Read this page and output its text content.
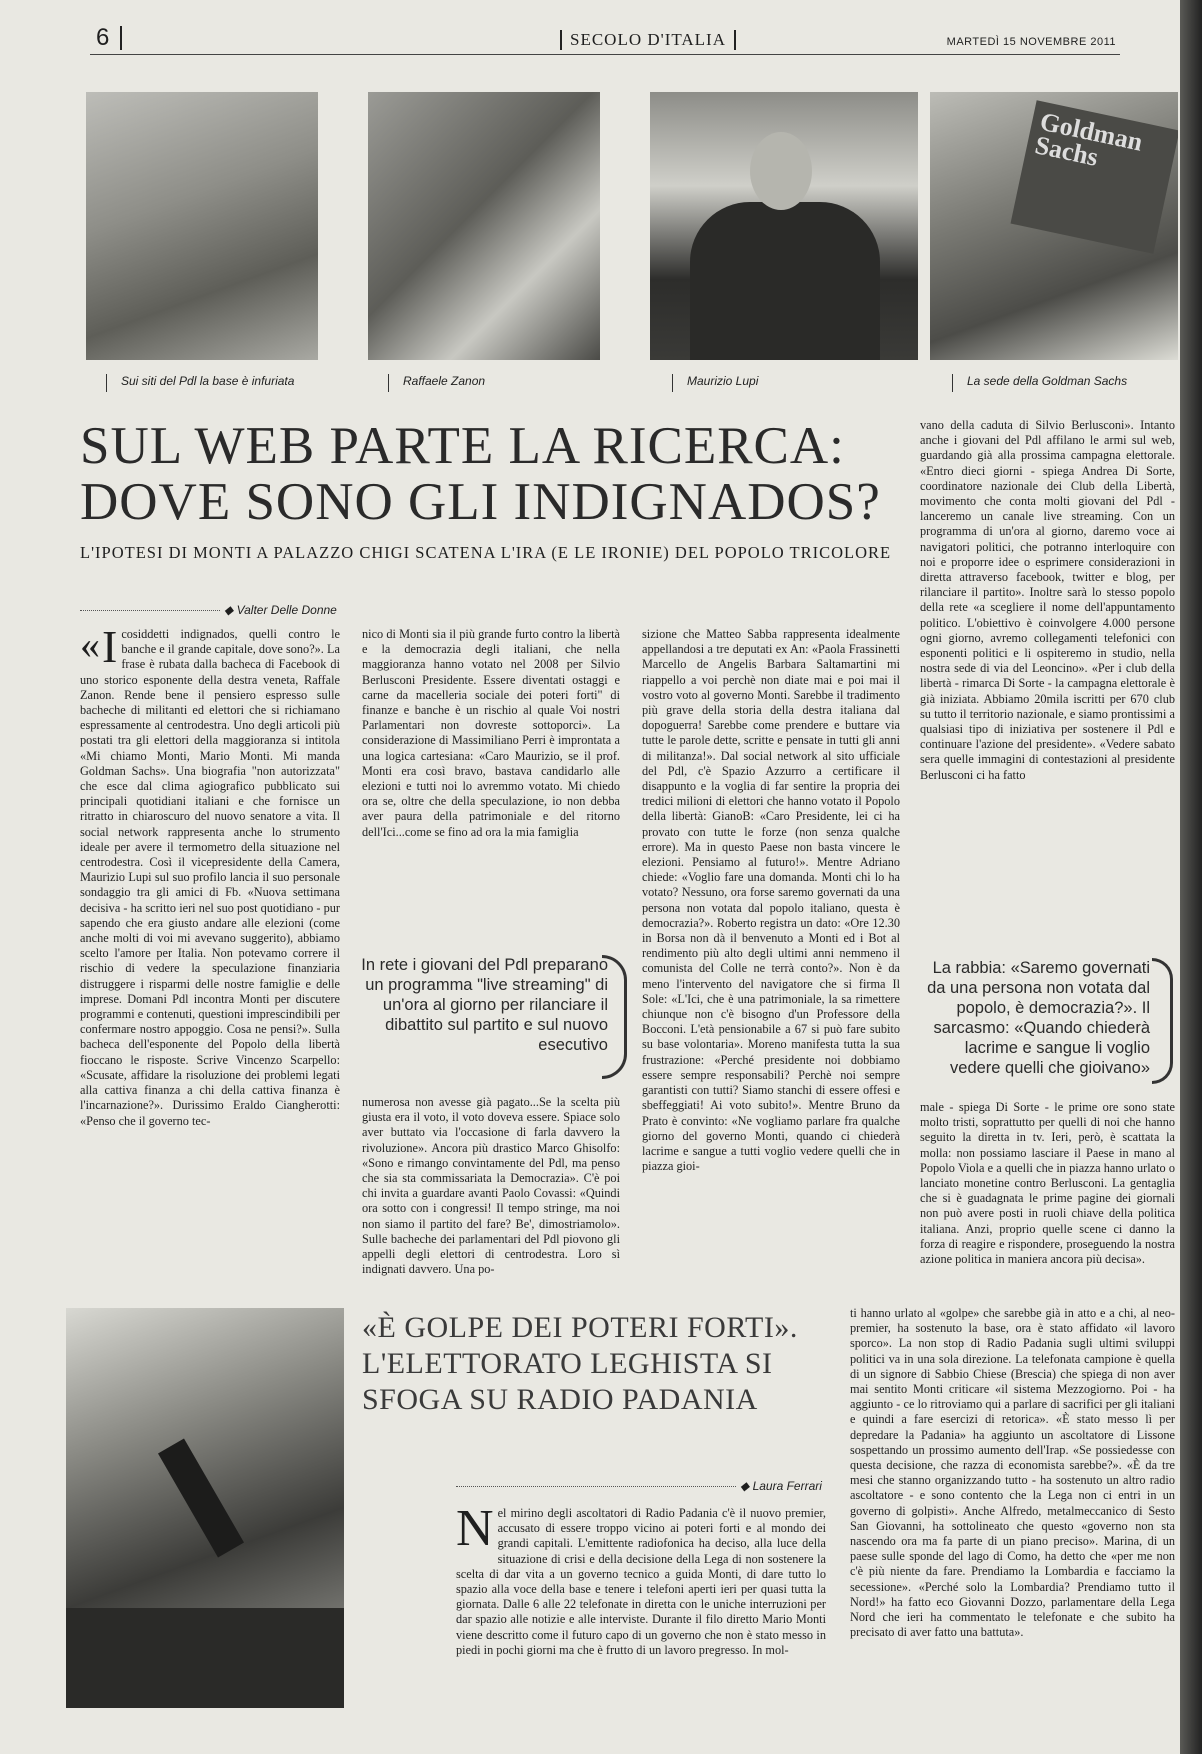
6	SECOLO D'ITALIA	MARTEDÌ 15 NOVEMBRE 2011
Goldman Sachs
Sui siti del Pdl la base è infuriata	Raffaele Zanon	Maurizio Lupi	La sede della Goldman Sachs
SUL WEB PARTE LA RICERCA:
DOVE SONO GLI INDIGNADOS?
L'IPOTESI DI MONTI A PALAZZO CHIGI SCATENA L'IRA (E LE IRONIE) DEL POPOLO TRICOLORE
◆ Valter Delle Donne

« I cosiddetti indignados, quelli contro le banche e il grande capitale, dove sono?». La frase è rubata dalla bacheca di Facebook di uno storico esponente della destra veneta, Raffale Zanon. Rende bene il pensiero espresso sulle bacheche di militanti ed elettori che si richiamano espressamente al centrodestra. Uno degli articoli più postati tra gli elettori della maggioranza si intitola «Mi chiamo Monti, Mario Monti. Mi manda Goldman Sachs». Una biografia "non autorizzata" che esce dal clima agiografico pubblicato sui principali quotidiani italiani e che fornisce un ritratto in chiaroscuro del nuovo senatore a vita. Il social network rappresenta anche lo strumento ideale per avere il termometro della situazione nel centrodestra. Così il vicepresidente della Camera, Maurizio Lupi sul suo profilo lancia il suo personale sondaggio tra gli amici di Fb. «Nuova settimana decisiva - ha scritto ieri nel suo post quotidiano - pur sapendo che era giusto andare alle elezioni (come anche molti di voi mi avevano suggerito), abbiamo scelto l'amore per Italia. Non potevamo correre il rischio di vedere la speculazione finanziaria distruggere i risparmi delle nostre famiglie e delle imprese. Domani Pdl incontra Monti per discutere programmi e contenuti, questioni imprescindibili per confermare nostro appoggio. Cosa ne pensi?». Sulla bacheca dell'esponente del Popolo della libertà fioccano le risposte. Scrive Vincenzo Scarpello: «Scusate, affidare la risoluzione dei problemi legati alla cattiva finanza a chi della cattiva finanza è l'incarnazione?». Durissimo Eraldo Ciangherotti: «Penso che il governo tec-

nico di Monti sia il più grande furto contro la libertà e la democrazia degli italiani, che nella maggioranza hanno votato nel 2008 per Silvio Berlusconi Presidente. Essere diventati ostaggi e carne da macelleria sociale dei poteri forti" di finanze e banche è un rischio al quale Voi nostri Parlamentari non dovreste sottoporci». La considerazione di Massimiliano Perri è improntata a una logica cartesiana: «Caro Maurizio, se il prof. Monti era così bravo, bastava candidarlo alle elezioni e tutti noi lo avremmo votato. Mi chiedo ora se, oltre che della speculazione, io non debba aver paura della patrimoniale e del ritorno dell'Ici...come se fino ad ora la mia famiglia

In rete i giovani del Pdl preparano un programma "live streaming" di un'ora al giorno per rilanciare il dibattito sul partito e sul nuovo esecutivo

numerosa non avesse già pagato...Se la scelta più giusta era il voto, il voto doveva essere. Spiace solo aver buttato via l'occasione di farla davvero la rivoluzione». Ancora più drastico Marco Ghisolfo: «Sono e rimango convintamente del Pdl, ma penso che sia sta commissariata la Democrazia». C'è poi chi invita a guardare avanti Paolo Covassi: «Quindi ora sotto con i congressi! Il tempo stringe, ma noi non siamo il partito del fare? Be', dimostriamolo». Sulle bacheche dei parlamentari del Pdl piovono gli appelli degli elettori di centrodestra. Loro sì indignati davvero. Una po-

sizione che Matteo Sabba rappresenta idealmente appellandosi a tre deputati ex An: «Paola Frassinetti Marcello de Angelis Barbara Saltamartini mi riappello a voi perchè non diate mai e poi mai il vostro voto al governo Monti. Sarebbe il tradimento più grave della storia della destra italiana dal dopoguerra! Sarebbe come prendere e buttare via tutte le parole dette, scritte e pensate in tutti gli anni di militanza!». Dal social network al sito ufficiale del Pdl, c'è Spazio Azzurro a certificare il disappunto e la voglia di far sentire la propria dei tredici milioni di elettori che hanno votato il Popolo della libertà: GianoB: «Caro Presidente, lei ci ha provato con tutte le forze (non senza qualche errore). Ma in questo Paese non basta vincere le elezioni. Pensiamo al futuro!». Mentre Adriano chiede: «Voglio fare una domanda. Monti chi lo ha votato? Nessuno, ora forse saremo governati da una persona non votata dal popolo italiano, questa è democrazia?». Roberto registra un dato: «Ore 12.30 in Borsa non dà il benvenuto a Monti ed i Bot al rendimento più alto degli ultimi anni nemmeno il comunista del Colle ne terrà conto?». Non è da meno l'intervento del navigatore che si firma Il Sole: «L'Ici, che è una patrimoniale, la sa rimettere chiunque non c'è bisogno d'un Professore della Bocconi. L'età pensionabile a 67 si può fare subito su base volontaria». Moreno manifesta tutta la sua frustrazione: «Perché presidente noi dobbiamo essere sempre responsabili? Perchè noi sempre garantisti con tutti? Siamo stanchi di essere offesi e sbeffeggiati! Ai voto subito!». Mentre Bruno da Prato è convinto: «Ne vogliamo parlare fra qualche giorno del governo Monti, quando ci chiederà lacrime e sangue a tutti voglio vedere quelli che in piazza gioi-

vano della caduta di Silvio Berlusconi». Intanto anche i giovani del Pdl affilano le armi sul web, guardando già alla prossima campagna elettorale. «Entro dieci giorni - spiega Andrea Di Sorte, coordinatore nazionale dei Club della Libertà, movimento che conta molti giovani del Pdl - lanceremo un canale live streaming. Con un programma di un'ora al giorno, daremo voce ai navigatori politici, che potranno interloquire con noi e proporre idee o esprimere considerazioni in diretta attraverso facebook, twitter e blog, per rilanciare il partito». Inoltre sarà lo stesso popolo della rete «a scegliere il nome dell'appuntamento politico. L'obiettivo è coinvolgere 4.000 persone ogni giorno, avremo collegamenti telefonici con esponenti politici e li ospiteremo in studio, nella nostra sede di via del Leoncino». «Per i club della libertà - rimarca Di Sorte - la campagna elettorale è già iniziata. Abbiamo 20mila iscritti per 670 club su tutto il territorio nazionale, e siamo prontissimi a qualsiasi tipo di iniziativa per sostenere il Pdl e continuare l'azione del presidente». «Vedere sabato sera quelle immagini di contestazioni al presidente Berlusconi ci ha fatto

La rabbia: «Saremo governati da una persona non votata dal popolo, è democrazia?». Il sarcasmo: «Quando chiederà lacrime e sangue li voglio vedere quelli che gioivano»

male - spiega Di Sorte - le prime ore sono state molto tristi, soprattutto per quelli di noi che hanno seguito la diretta in tv. Ieri, però, è scattata la molla: non possiamo lasciare il Paese in mano al Popolo Viola e a quelli che in piazza hanno urlato o lanciato monetine contro Berlusconi. La gentaglia che si è guadagnata le prime pagine dei giornali non può avere posti in ruoli chiave della politica italiana. Anzi, proprio quelle scene ci danno la forza di reagire e rispondere, proseguendo la nostra azione politica in maniera ancora più decisa».

«È GOLPE DEI POTERI FORTI». L'ELETTORATO LEGHISTA SI SFOGA SU RADIO PADANIA
◆ Laura Ferrari

Nel mirino degli ascoltatori di Radio Padania c'è il nuovo premier, accusato di essere troppo vicino ai poteri forti e al mondo dei grandi capitali. L'emittente radiofonica ha deciso, alla luce della situazione di crisi e della decisione della Lega di non sostenere la scelta di dar vita a un governo tecnico a guida Monti, di dare tutto lo spazio alla voce della base e tenere i telefoni aperti ieri per quasi tutta la giornata. Dalle 6 alle 22 telefonate in diretta con le uniche interruzioni per dar spazio alle notizie e alle interviste. Durante il filo diretto Mario Monti viene descritto come il futuro capo di un governo che non è stato messo in piedi in pochi giorni ma che è frutto di un lavoro pregresso. In mol-

ti hanno urlato al «golpe» che sarebbe già in atto e a chi, al neo-premier, ha sostenuto la base, ora è stato affidato «il lavoro sporco». La non stop di Radio Padania sugli ultimi sviluppi politici va in una sola direzione. La telefonata campione è quella di un signore di Sabbio Chiese (Brescia) che spiega di non aver mai sentito Monti criticare «il sistema Mezzogiorno. Poi - ha aggiunto - ce lo ritroviamo qui a parlare di sacrifici per gli italiani e quindi a fare esercizi di retorica». «È stato messo lì per depredare la Padania» ha aggiunto un ascoltatore di Lissone sospettando un prossimo aumento dell'Irap. «Se possiedesse con questa decisione, che razza di economista sarebbe?». «È da tre mesi che stanno organizzando tutto - ha sostenuto un altro radio ascoltatore - e sono contento che la Lega non ci entri in un governo di golpisti». Anche Alfredo, metalmeccanico di Sesto San Giovanni, ha sottolineato che questo «governo non sta nascendo ora ma fa parte di un piano preciso». Marina, di un paese sulle sponde del lago di Como, ha detto che «per me non c'è più niente da fare. Prendiamo la Lombardia e facciamo la secessione». «Perché solo la Lombardia? Prendiamo tutto il Nord!» ha fatto eco Giovanni Dozzo, parlamentare della Lega Nord che ieri ha commentato le telefonate e che subito ha precisato di aver fatto una battuta».
